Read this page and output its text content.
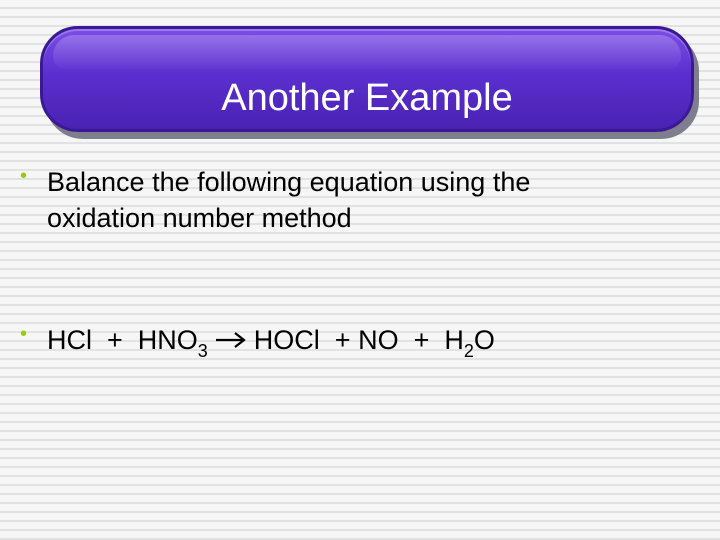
Another Example
• Balance the following equation using the oxidation number method
• HCl  +  $HNO_3$ HOCl  + NO  +  $H_2O$
